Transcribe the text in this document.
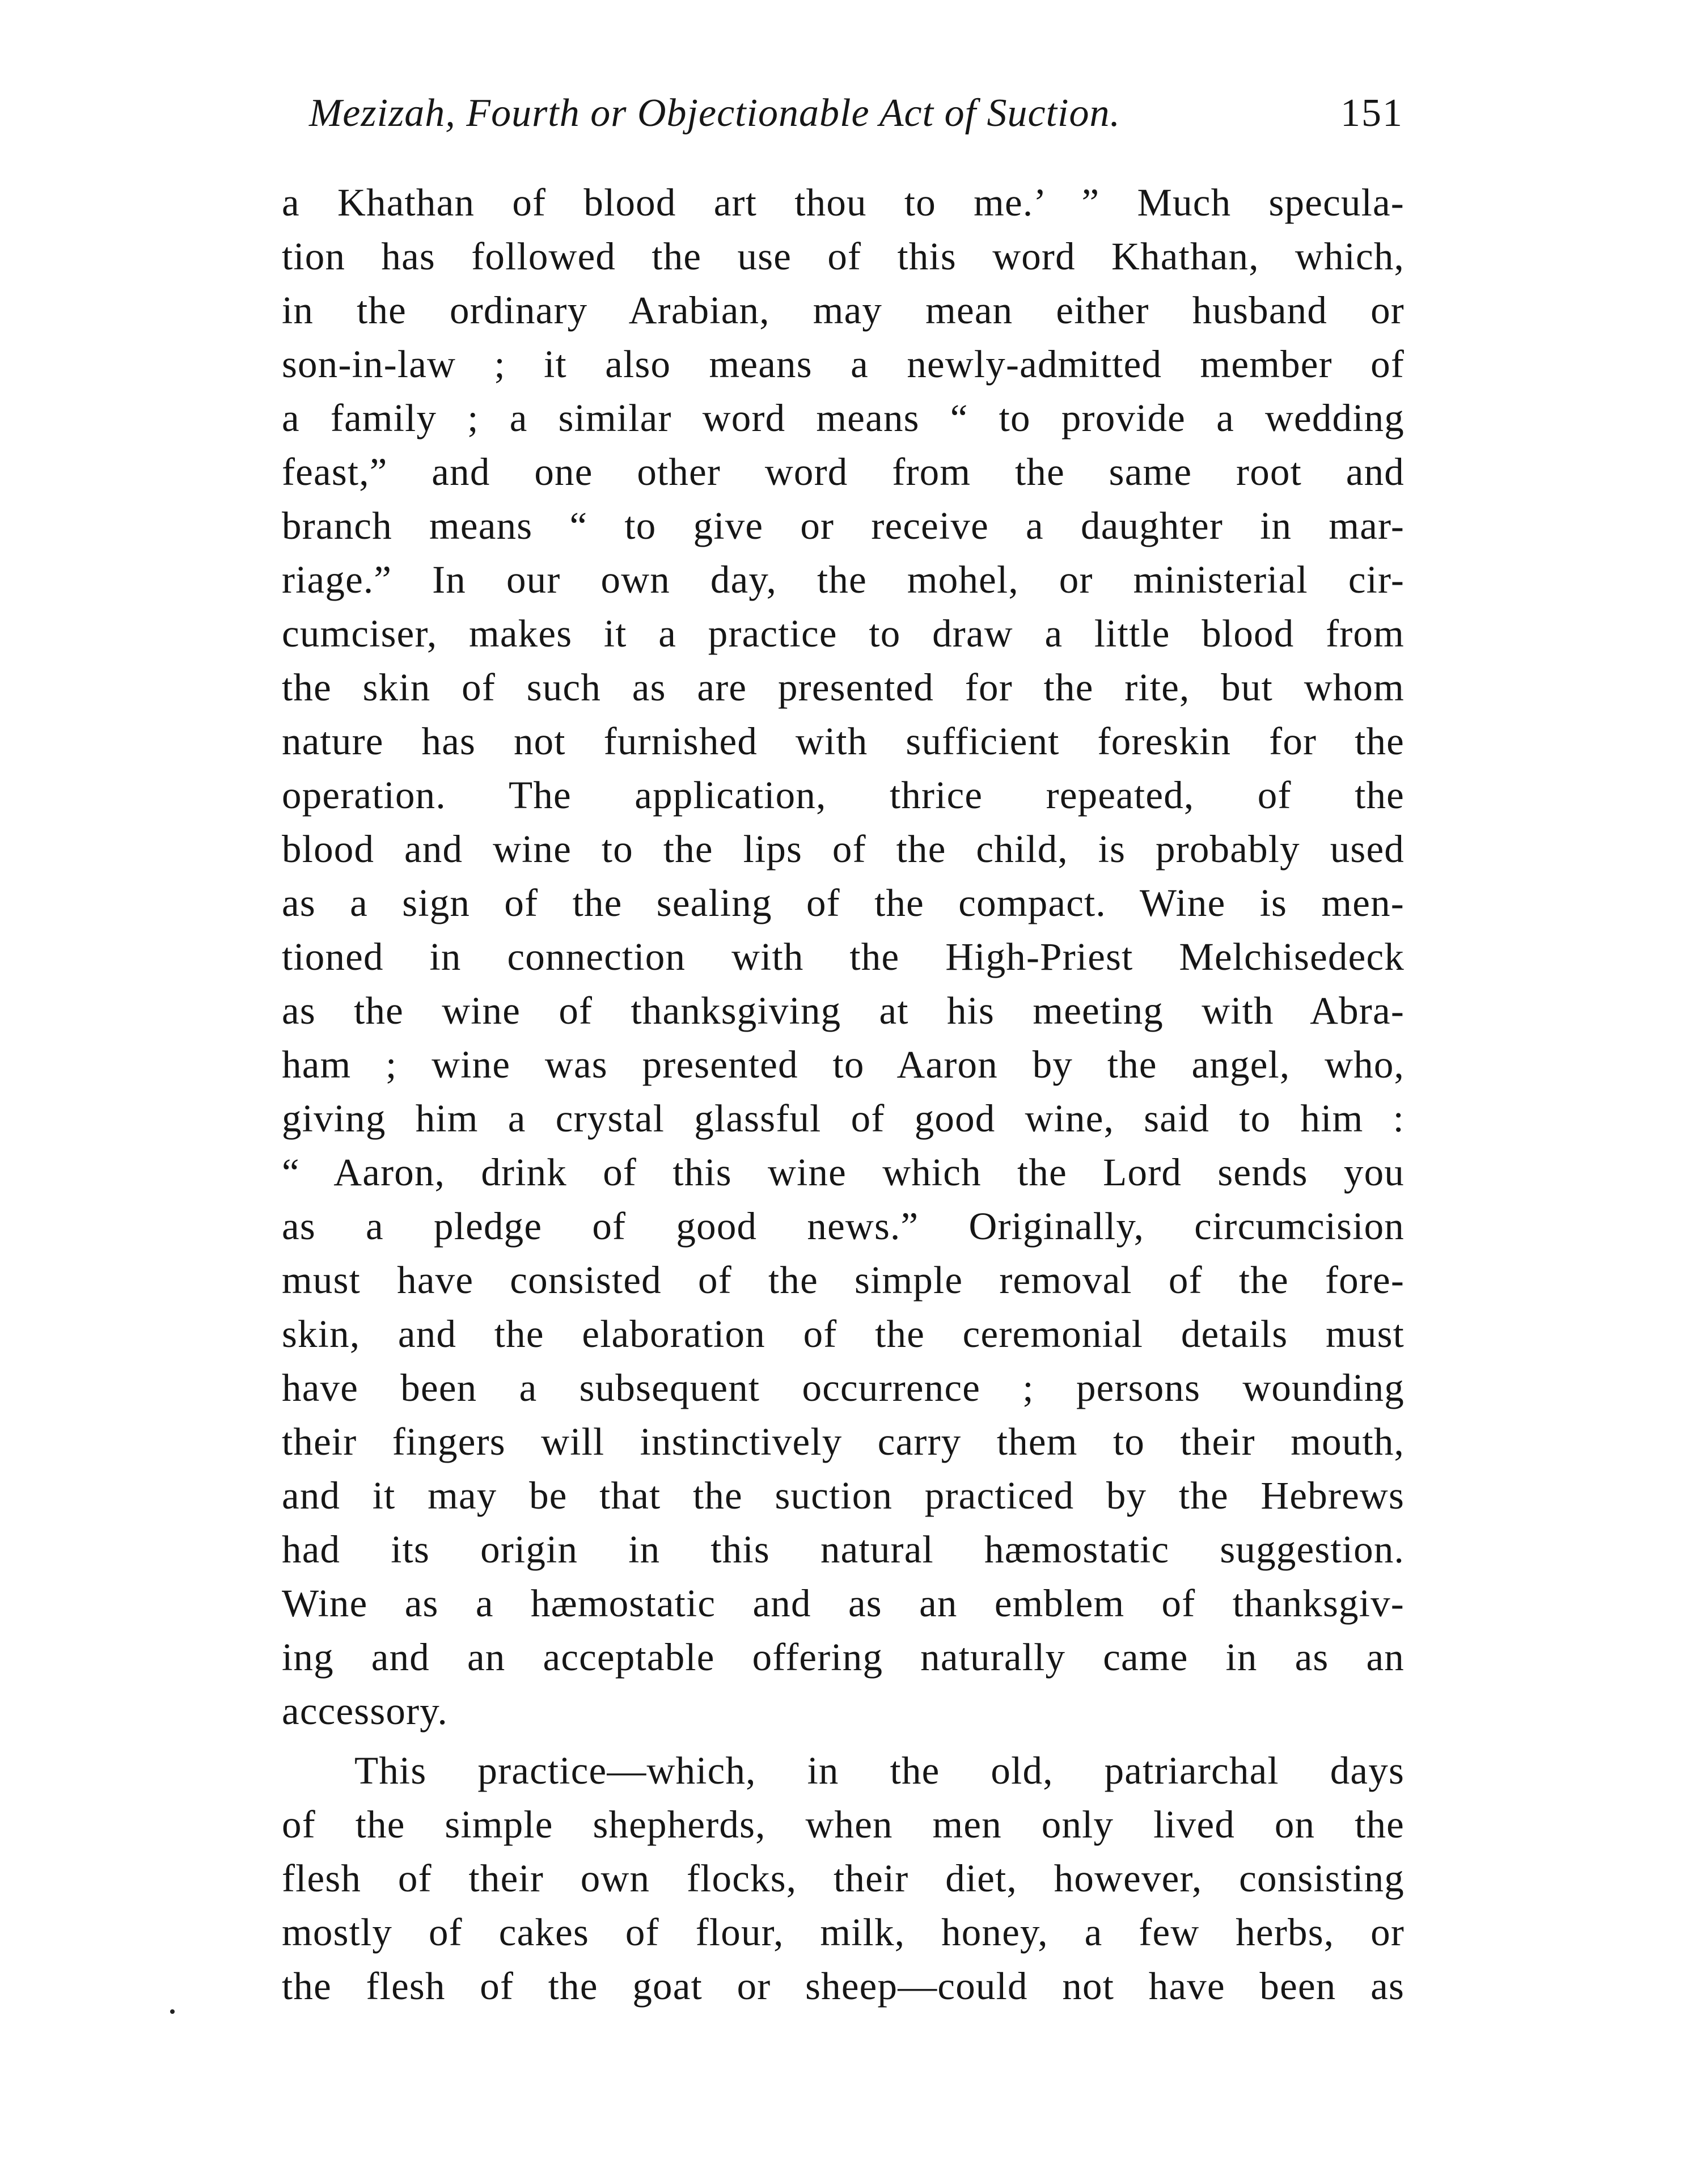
Mezizah, Fourth or Objectionable Act of Suction.	151
a Khathan of blood art thou to me.’ ” Much specula-
tion has followed the use of this word Khathan, which,
in the ordinary Arabian, may mean either husband or
son-in-law ; it also means a newly-admitted member of
a family ; a similar word means “ to provide a wedding
feast,” and one other word from the same root and
branch means “ to give or receive a daughter in mar-
riage.” In our own day, the mohel, or ministerial cir-
cumciser, makes it a practice to draw a little blood from
the skin of such as are presented for the rite, but whom
nature has not furnished with sufficient foreskin for the
operation. The application, thrice repeated, of the
blood and wine to the lips of the child, is probably used
as a sign of the sealing of the compact. Wine is men-
tioned in connection with the High-Priest Melchisedeck
as the wine of thanksgiving at his meeting with Abra-
ham ; wine was presented to Aaron by the angel, who,
giving him a crystal glassful of good wine, said to him :
“ Aaron, drink of this wine which the Lord sends you
as a pledge of good news.” Originally, circumcision
must have consisted of the simple removal of the fore-
skin, and the elaboration of the ceremonial details must
have been a subsequent occurrence ; persons wounding
their fingers will instinctively carry them to their mouth,
and it may be that the suction practiced by the Hebrews
had its origin in this natural hæmostatic suggestion.
Wine as a hæmostatic and as an emblem of thanksgiv-
ing and an acceptable offering naturally came in as an
accessory.
This practice—which, in the old, patriarchal days
of the simple shepherds, when men only lived on the
flesh of their own flocks, their diet, however, consisting
mostly of cakes of flour, milk, honey, a few herbs, or
the flesh of the goat or sheep—could not have been as
